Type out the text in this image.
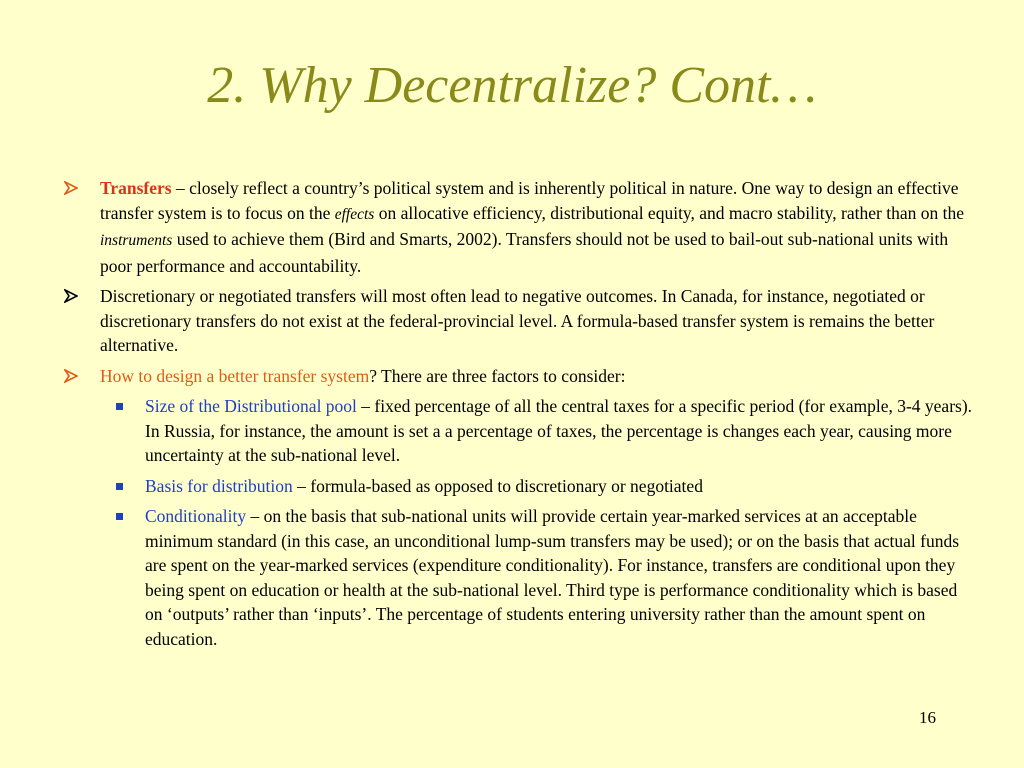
2. Why Decentralize? Cont…
Transfers – closely reflect a country’s political system and is inherently political in nature. One way to design an effective transfer system is to focus on the effects on allocative efficiency, distributional equity, and macro stability, rather than on the instruments used to achieve them (Bird and Smarts, 2002). Transfers should not be used to bail-out sub-national units with poor performance and accountability.
Discretionary or negotiated transfers will most often lead to negative outcomes. In Canada, for instance, negotiated or discretionary transfers do not exist at the federal-provincial level. A formula-based transfer system is remains the better alternative.
How to design a better transfer system? There are three factors to consider:
Size of the Distributional pool – fixed percentage of all the central taxes for a specific period (for example, 3-4 years). In Russia, for instance, the amount is set a a percentage of taxes, the percentage is changes each year, causing more uncertainty at the sub-national level.
Basis for distribution – formula-based as opposed to discretionary or negotiated
Conditionality – on the basis that sub-national units will provide certain year-marked services at an acceptable minimum standard (in this case, an unconditional lump-sum transfers may be used); or on the basis that actual funds are spent on the year-marked services (expenditure conditionality). For instance, transfers are conditional upon they being spent on education or health at the sub-national level. Third type is performance conditionality which is based on ‘outputs’ rather than ‘inputs’. The percentage of students entering university rather than the amount spent on education.
16
